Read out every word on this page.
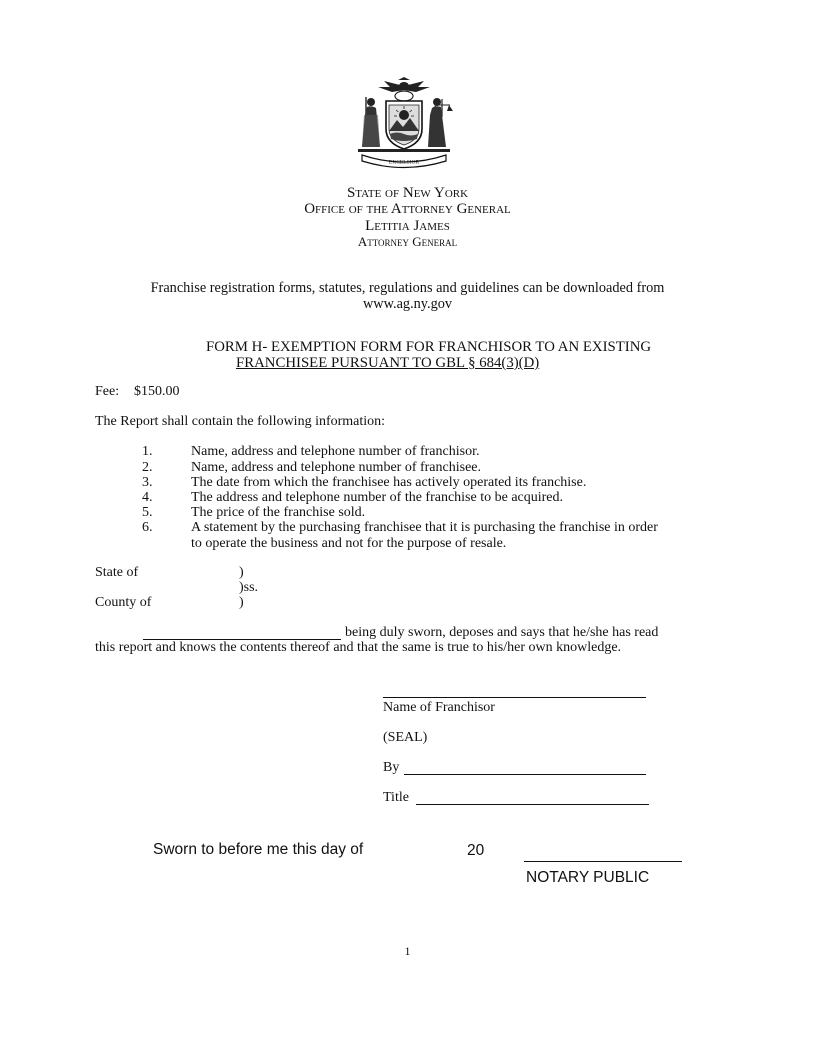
EXCELSIOR
State of New York
Office of the Attorney General
Letitia James
Attorney General
Franchise registration forms, statutes, regulations and guidelines can be downloaded from
www.ag.ny.gov
FORM H- EXEMPTION FORM FOR FRANCHISOR TO AN EXISTING
FRANCHISEE PURSUANT TO GBL § 684(3)(D)
Fee: $150.00
The Report shall contain the following information:
1.	Name, address and telephone number of franchisor.
2.	Name, address and telephone number of franchisee.
3.	The date from which the franchisee has actively operated its franchise.
4.	The address and telephone number of the franchise to be acquired.
5.	The price of the franchise sold.
6.	A statement by the purchasing franchisee that it is purchasing the franchise in order
to operate the business and not for the purpose of resale.
State of	)
)ss.
County of	)
being duly sworn, deposes and says that he/she has read
this report and knows the contents thereof and that the same is true to his/her own knowledge.
Name of Franchisor
(SEAL)
By
Title
Sworn to before me this day of	20
NOTARY PUBLIC
1
